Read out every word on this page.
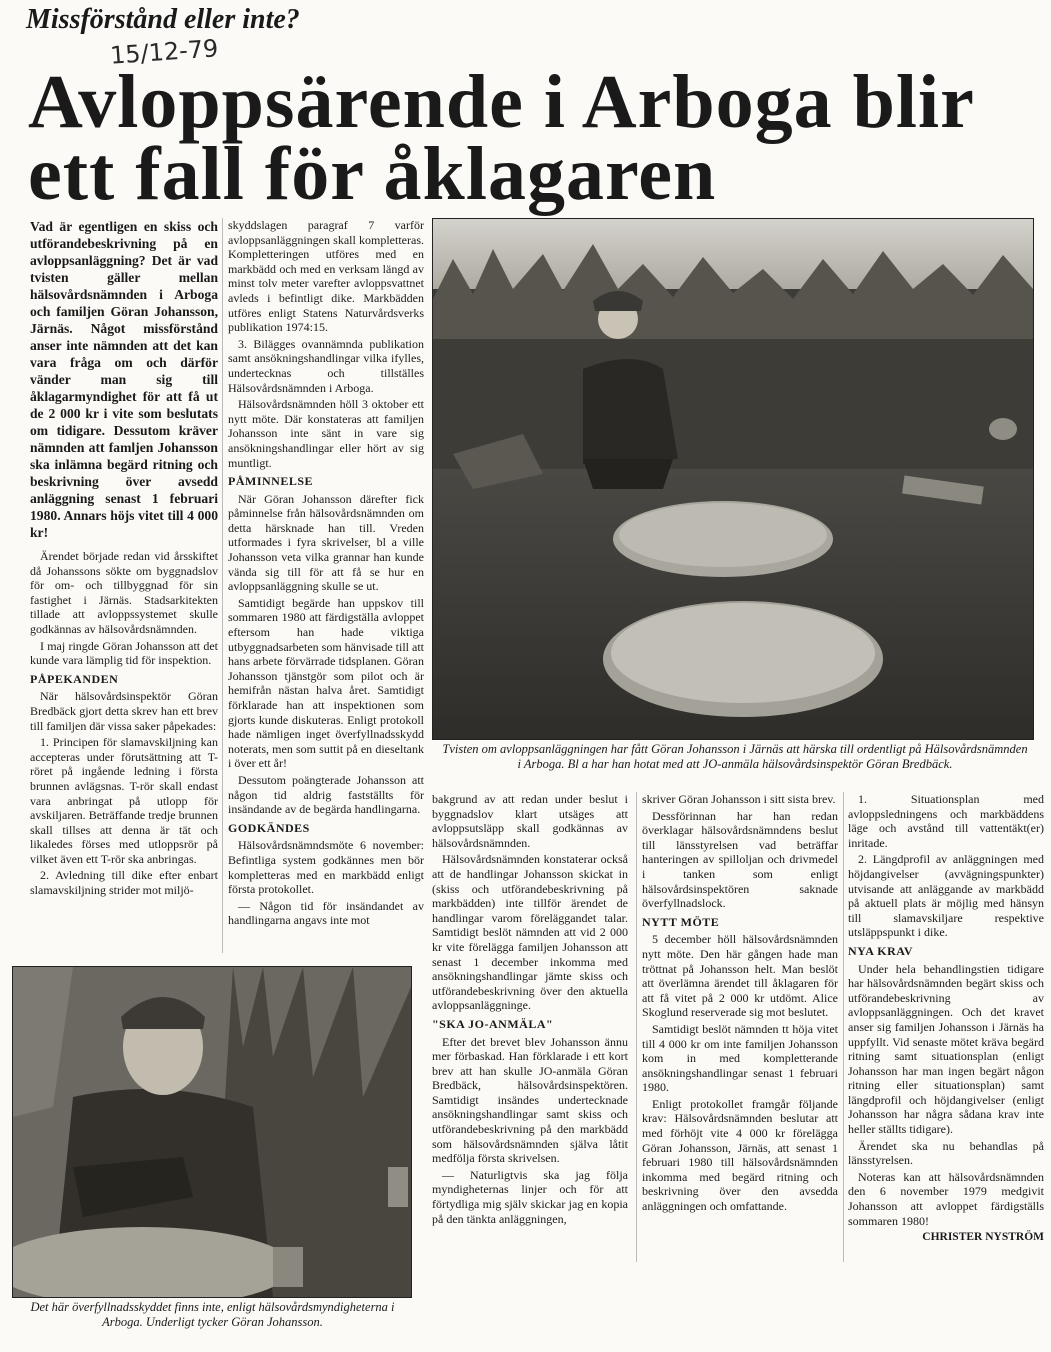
Missförstånd eller inte?
15/12-79
Avloppsärende i Arboga blir ett fall för åklagaren

Vad är egentligen en skiss och utförandebeskrivning på en avloppsanläggning? Det är vad tvisten gäller mellan hälsovårdsnämnden i Arboga och familjen Göran Johansson, Järnäs. Något missförstånd anser inte nämnden att det kan vara fråga om och därför vänder man sig till åklagarmyndighet för att få ut de 2 000 kr i vite som beslutats om tidigare. Dessutom kräver nämnden att famljen Johansson ska inlämna begärd ritning och beskrivning över avsedd anläggning senast 1 februari 1980. Annars höjs vitet till 4 000 kr!

Ärendet började redan vid årsskiftet då Johanssons sökte om byggnadslov för om- och tillbyggnad för sin fastighet i Järnäs. Stadsarkitekten tillade att avloppssystemet skulle godkännas av hälsovårdsnämnden.

I maj ringde Göran Johansson att det kunde vara lämplig tid för inspektion.

PÅPEKANDEN

När hälsovårdsinspektör Göran Bredbäck gjort detta skrev han ett brev till familjen där vissa saker påpekades:

1. Principen för slamavskiljning kan accepteras under förutsättning att T-röret på ingående ledning i första brunnen avlägsnas. T-rör skall endast vara anbringat på utlopp för avskiljaren. Beträffande tredje brunnen skall tillses att denna är tät och likaledes förses med utloppsrör på vilket även ett T-rör ska anbringas.

2. Avledning till dike efter enbart slamavskiljning strider mot miljö-

skyddslagen paragraf 7 varför avloppsanläggningen skall kompletteras. Kompletteringen utföres med en markbädd och med en verksam längd av minst tolv meter varefter avloppsvattnet avleds i befintligt dike. Markbädden utföres enligt Statens Naturvårdsverks publikation 1974:15.

3. Bilägges ovannämnda publikation samt ansökningshandlingar vilka ifylles, undertecknas och tillställes Hälsovårdsnämnden i Arboga.

Hälsovårdsnämnden höll 3 oktober ett nytt möte. Där konstateras att familjen Johansson inte sänt in vare sig ansökningshandlingar eller hört av sig muntligt.

PÅMINNELSE

När Göran Johansson därefter fick påminnelse från hälsovårdsnämnden om detta härsknade han till. Vreden utformades i fyra skrivelser, bl a ville Johansson veta vilka grannar han kunde vända sig till för att få se hur en avloppsanläggning skulle se ut.

Samtidigt begärde han uppskov till sommaren 1980 att färdigställa avloppet eftersom han hade viktiga utbyggnadsarbeten som hänvisade till att hans arbete förvärrade tidsplanen. Göran Johansson tjänstgör som pilot och är hemifrån nästan halva året. Samtidigt förklarade han att inspektionen som gjorts kunde diskuteras. Enligt protokoll hade nämligen inget överfyllnadsskydd noterats, men som suttit på en dieseltank i över ett år!

Dessutom poängterade Johansson att någon tid aldrig fastställts för insändande av de begärda handlingarna.

GODKÄNDES

Hälsovårdsnämndsmöte 6 november: Befintliga system godkännes men bör kompletteras med en markbädd enligt första protokollet.

— Någon tid för insändandet av handlingarna angavs inte mot

Tvisten om avloppsanläggningen har fått Göran Johansson i Järnäs att härska till ordentligt på Hälsovårdsnämnden i Arboga. Bl a har han hotat med att JO-anmäla hälsovårdsinspektör Göran Bredbäck.

bakgrund av att redan under beslut i byggnadslov klart utsäges att avloppsutsläpp skall godkännas av hälsovårdsnämnden.

Hälsovårdsnämnden konstaterar också att de handlingar Johansson skickat in (skiss och utförandebeskrivning på markbädden) inte tillför ärendet de handlingar varom föreläggandet talar. Samtidigt beslöt nämnden att vid 2 000 kr vite förelägga familjen Johansson att senast 1 december inkomma med ansökningshandlingar jämte skiss och utförandebeskrivning över den aktuella avloppsanläggninge.

"SKA JO-ANMÄLA"

Efter det brevet blev Johansson ännu mer förbaskad. Han förklarade i ett kort brev att han skulle JO-anmäla Göran Bredbäck, hälsovårdsinspektören. Samtidigt insändes undertecknade ansökningshandlingar samt skiss och utförandebeskrivning på den markbädd som hälsovårdsnämnden själva låtit medfölja första skrivelsen.

— Naturligtvis ska jag följa myndigheternas linjer och för att förtydliga mig själv skickar jag en kopia på den tänkta anläggningen,

skriver Göran Johansson i sitt sista brev.

Dessförinnan har han redan överklagar hälsovårdsnämndens beslut till länsstyrelsen vad beträffar hanteringen av spilloljan och drivmedel i tanken som enligt hälsovårdsinspektören saknade överfyllnadslock.

NYTT MÖTE

5 december höll hälsovårdsnämnden nytt möte. Den här gången hade man tröttnat på Johansson helt. Man beslöt att överlämna ärendet till åklagaren för att få vitet på 2 000 kr utdömt. Alice Skoglund reserverade sig mot beslutet.

Samtidigt beslöt nämnden tt höja vitet till 4 000 kr om inte familjen Johansson kom in med kompletterande ansökningshandlingar senast 1 februari 1980.

Enligt protokollet framgår följande krav: Hälsovårdsnämnden beslutar att med förhöjt vite 4 000 kr förelägga Göran Johansson, Järnäs, att senast 1 februari 1980 till hälsovårdsnämnden inkomma med begärd ritning och beskrivning över den avsedda anläggningen och omfattande.

1. Situationsplan med avloppsledningens och markbäddens läge och avstånd till vattentäkt(er) inritade.

2. Längdprofil av anläggningen med höjdangivelser (avvägningspunkter) utvisande att anläggande av markbädd på aktuell plats är möjlig med hänsyn till slamavskiljare respektive utsläppspunkt i dike.

NYA KRAV

Under hela behandlingstien tidigare har hälsovårdsnämnden begärt skiss och utförandebeskrivning av avloppsanläggningen. Och det kravet anser sig familjen Johansson i Järnäs ha uppfyllt. Vid senaste mötet kräva begärd ritning samt situationsplan (enligt Johansson har man ingen begärt någon ritning eller situationsplan) samt längdprofil och höjdangivelser (enligt Johansson har några sådana krav inte heller ställts tidigare).

Ärendet ska nu behandlas på länsstyrelsen.

Noteras kan att hälsovårdsnämnden den 6 november 1979 medgivit Johansson att avloppet färdigställs sommaren 1980!

CHRISTER NYSTRÖM
Det här överfyllnadsskyddet finns inte, enligt hälsovårdsmyndigheterna i Arboga. Underligt tycker Göran Johansson.
